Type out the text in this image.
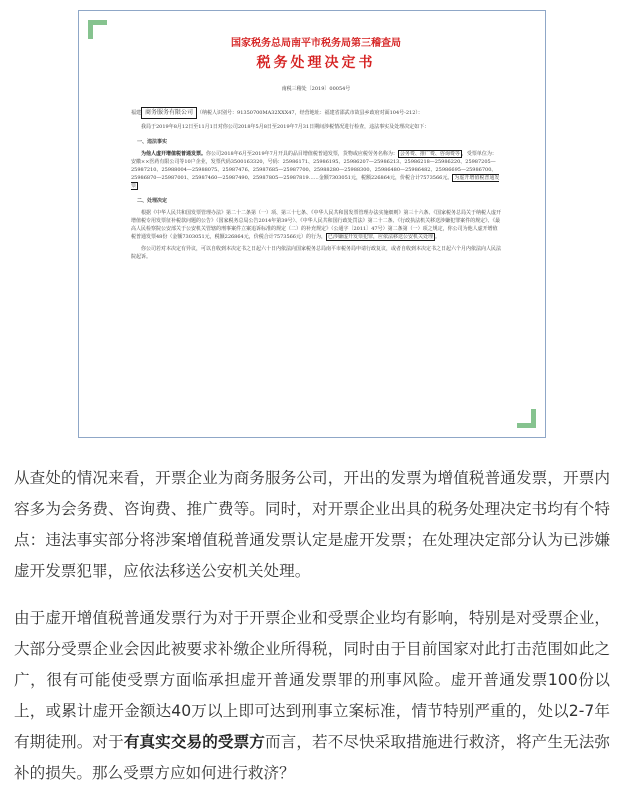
国家税务总局南平市税务局第三稽查局
税务处理决定书
南税三稽处〔2019〕00054号
福建 商务服务有限公司 （纳税人识别号：91350700MA32XXX47，经营地址：福建省邵武市故县乡政府对面104号-212）：
我局于2019年8月12日至11月1日对你公司2018年5月8日至2019年7月31日期间涉税情况进行检查，违法事实及处理决定如下：
一、违法事实
为他人虚开增值税普通发票。你公司2018年6月至2019年7月开具的品目增值税普通发票，货物或应税劳务名称为： 会务费、推广费、咨询费等 ，受票单位为：安徽××医药有限公司等10户企业，发票代码3500163320，号码：25986171、25986195、25986207—25986213、25986218—25986220、25987205—25987210、25988004—25988075、25987476、25987685—25987700、25988280—25988300、25986480—25986482、25986695—25986700、25986870—25987001、25987460—25987490、25987805—25987819……金额7303051元，税额226864元，价税合计7573566元。 为虚开增值税普通发票
二、处理决定
根据《中华人民共和国发票管理办法》第二十二条第（一）项、第三十七条、《中华人民共和国发票管理办法实施细则》第三十六条、《国家税务总局关于纳税人虚开增值税专用发票征补税款问题的公告》（国家税务总局公告2014年第39号）、《中华人民共和国行政处罚法》第二十二条、《行政执法机关移送涉嫌犯罪案件的规定》、《最高人民检察院公安部关于公安机关管辖的刑事案件立案追诉标准的规定（二）的补充规定》（公通字〔2011〕47号）第二条第（一）项之规定，你公司为他人虚开增值税普通发票48份（金额7303051元，税额226864元，价税合计7573566元）的行为， 已涉嫌虚开发票犯罪，应依法移送公安机关处理 。
你公司若对本决定有异议，可以自收到本决定书之日起六十日内依法向国家税务总局南平市税务局申请行政复议，或者自收到本决定书之日起六个月内依法向人民法院起诉。

从查处的情况来看，开票企业为商务服务公司，开出的发票为增值税普通发票，开票内容多为会务费、咨询费、推广费等。同时，对开票企业出具的税务处理决定书均有个特点：违法事实部分将涉案增值税普通发票认定是虚开发票；在处理决定部分认为已涉嫌虚开发票犯罪，应依法移送公安机关处理。

由于虚开增值税普通发票行为对于开票企业和受票企业均有影响，特别是对受票企业，大部分受票企业会因此被要求补缴企业所得税，同时由于目前国家对此打击范围如此之广，很有可能使受票方面临承担虚开普通发票罪的刑事风险。虚开普通发票100份以上，或累计虚开金额达40万以上即可达到刑事立案标准，情节特别严重的，处以2-7年有期徒刑。对于有真实交易的受票方而言，若不尽快采取措施进行救济，将产生无法弥补的损失。那么受票方应如何进行救济？
